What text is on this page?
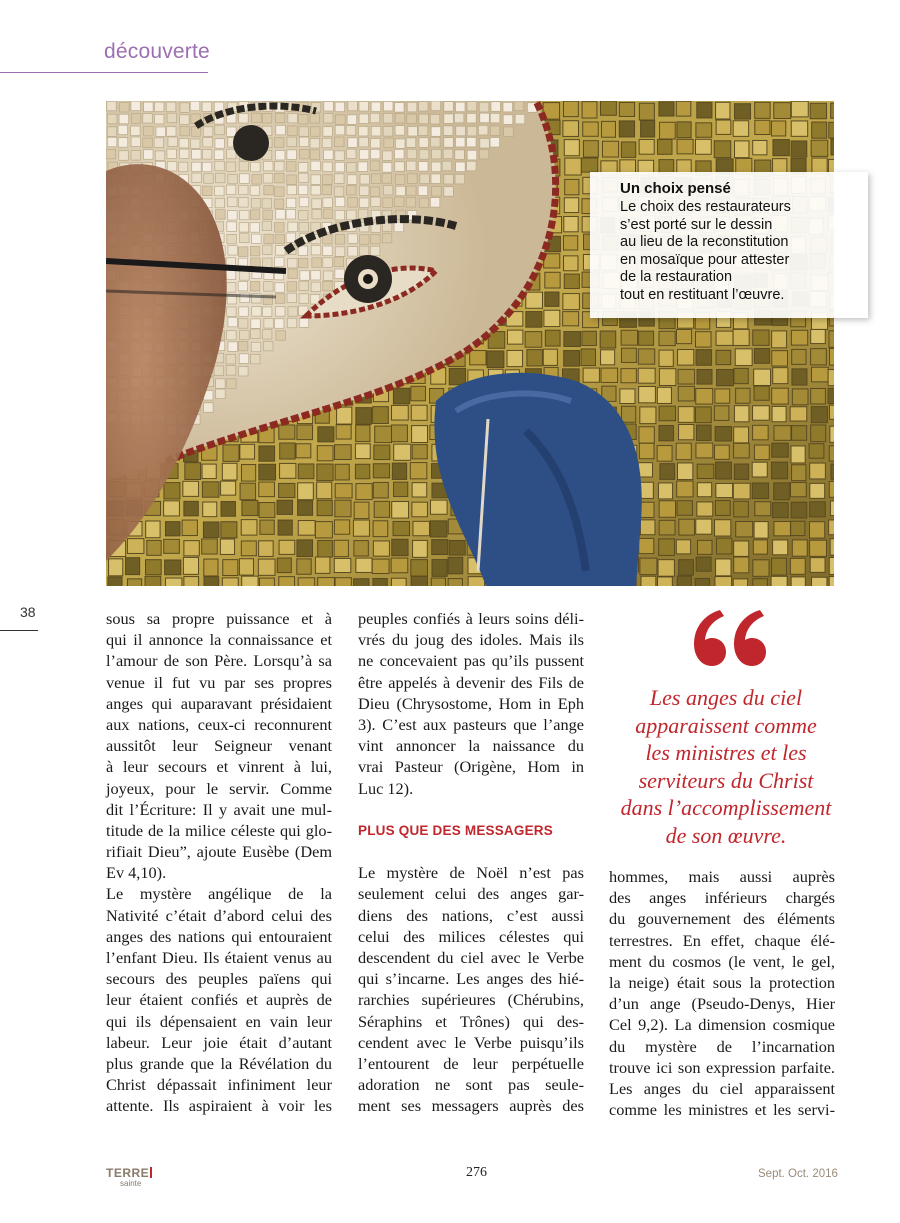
découverte
Un choix pensé
Le choix des restaurateurs
s’est porté sur le dessin
au lieu de la reconstitution
en mosaïque pour attester
de la restauration
tout en restituant l’œuvre.
38	sous sa propre puissance et à
qui il annonce la connaissance et
l’amour de son Père. Lorsqu’à sa
venue il fut vu par ses propres
anges qui auparavant présidaient
aux nations, ceux-ci reconnurent
aussitôt leur Seigneur venant
à leur secours et vinrent à lui,
joyeux, pour le servir. Comme
dit l’Écriture: Il y avait une mul-
titude de la milice céleste qui glo-
rifiait Dieu”, ajoute Eusèbe (Dem
Ev 4,10).
Le mystère angélique de la
Nativité c’était d’abord celui des
anges des nations qui entouraient
l’enfant Dieu. Ils étaient venus au
secours des peuples païens qui
leur étaient confiés et auprès de
qui ils dépensaient en vain leur
labeur. Leur joie était d’autant
plus grande que la Révélation du
Christ dépassait infiniment leur
attente. Ils aspiraient à voir les
peuples confiés à leurs soins déli-
vrés du joug des idoles. Mais ils
ne concevaient pas qu’ils pussent
être appelés à devenir des Fils de
Dieu (Chrysostome, Hom in Eph
3). C’est aux pasteurs que l’ange
vint annoncer la naissance du
vrai Pasteur (Origène, Hom in
Luc 12).
PLUS QUE DES MESSAGERS
Le mystère de Noël n’est pas
seulement celui des anges gar-
diens des nations, c’est aussi
celui des milices célestes qui
descendent du ciel avec le Verbe
qui s’incarne. Les anges des hié-
rarchies supérieures (Chérubins,
Séraphins et Trônes) qui des-
cendent avec le Verbe puisqu’ils
l’entourent de leur perpétuelle
adoration ne sont pas seule-
ment ses messagers auprès des
Les anges du ciel
apparaissent comme
les ministres et les
serviteurs du Christ
dans l’accomplissement
de son œuvre.
hommes, mais aussi auprès
des anges inférieurs chargés
du gouvernement des éléments
terrestres. En effet, chaque élé-
ment du cosmos (le vent, le gel,
la neige) était sous la protection
d’un ange (Pseudo-Denys, Hier
Cel 9,2). La dimension cosmique
du mystère de l’incarnation
trouve ici son expression parfaite.
Les anges du ciel apparaissent
comme les ministres et les servi-
TERRE
sainte
276	Sept. Oct. 2016
